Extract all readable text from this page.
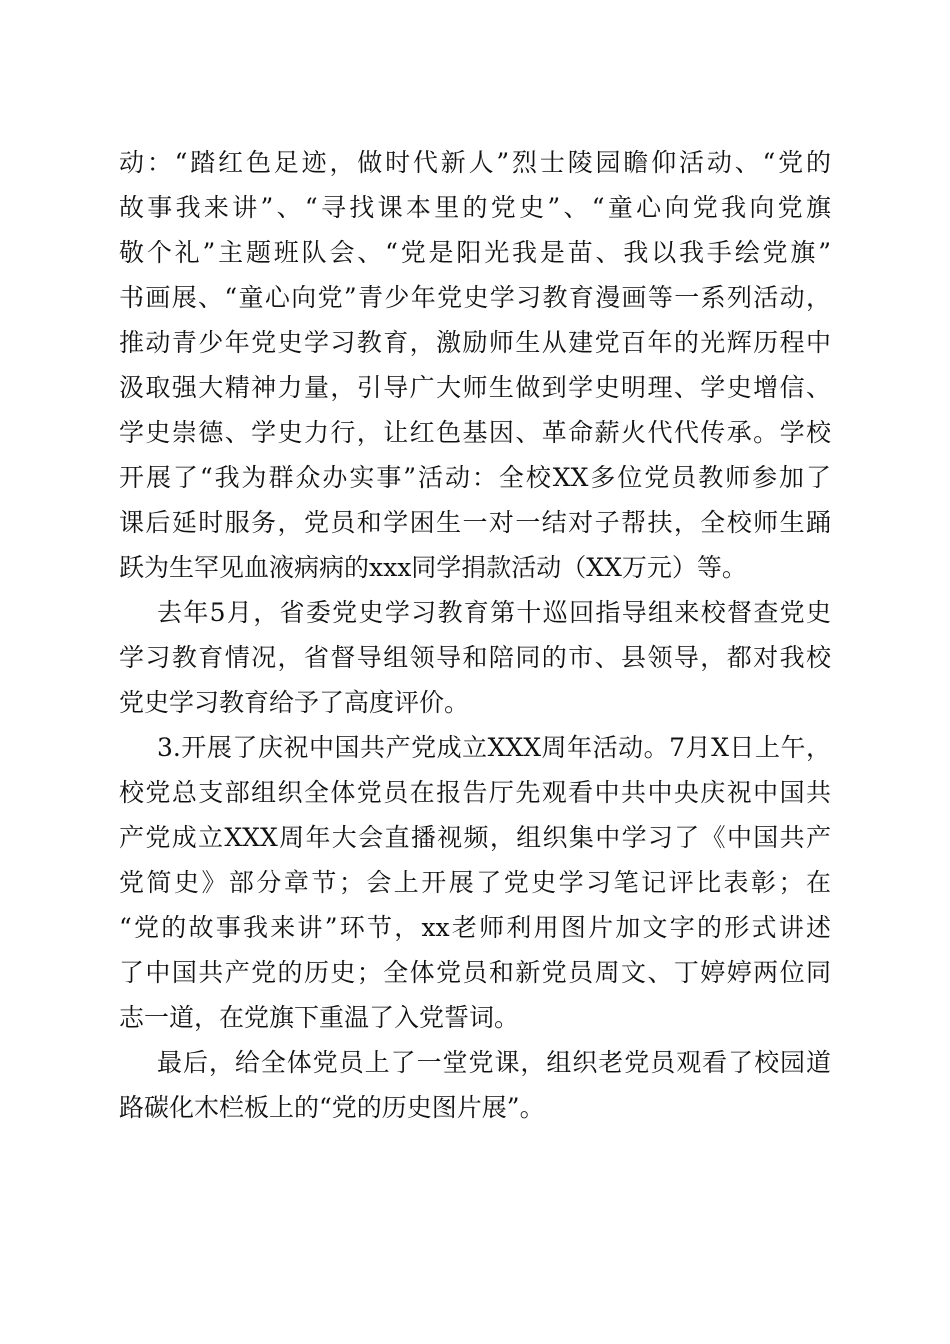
动：“踏红色足迹，做时代新人”烈士陵园瞻仰活动、“党的
故事我来讲”、“寻找课本里的党史”、“童心向党我向党旗
敬个礼”主题班队会、“党是阳光我是苗、我以我手绘党旗”
书画展、“童心向党”青少年党史学习教育漫画等一系列活动，
推动青少年党史学习教育，激励师生从建党百年的光辉历程中
汲取强大精神力量，引导广大师生做到学史明理、学史增信、
学史崇德、学史力行，让红色基因、革命薪火代代传承。学校
开展了“我为群众办实事”活动：全校XX多位党员教师参加了
课后延时服务，党员和学困生一对一结对子帮扶，全校师生踊
跃为生罕见血液病病的xxx同学捐款活动（XX万元）等。
去年5月，省委党史学习教育第十巡回指导组来校督查党史
学习教育情况，省督导组领导和陪同的市、县领导，都对我校
党史学习教育给予了高度评价。
3.开展了庆祝中国共产党成立XXX周年活动。7月X日上午，
校党总支部组织全体党员在报告厅先观看中共中央庆祝中国共
产党成立XXX周年大会直播视频，组织集中学习了《中国共产
党简史》部分章节；会上开展了党史学习笔记评比表彰；在
“党的故事我来讲”环节，xx老师利用图片加文字的形式讲述
了中国共产党的历史；全体党员和新党员周文、丁婷婷两位同
志一道，在党旗下重温了入党誓词。
最后，给全体党员上了一堂党课，组织老党员观看了校园道
路碳化木栏板上的“党的历史图片展”。
